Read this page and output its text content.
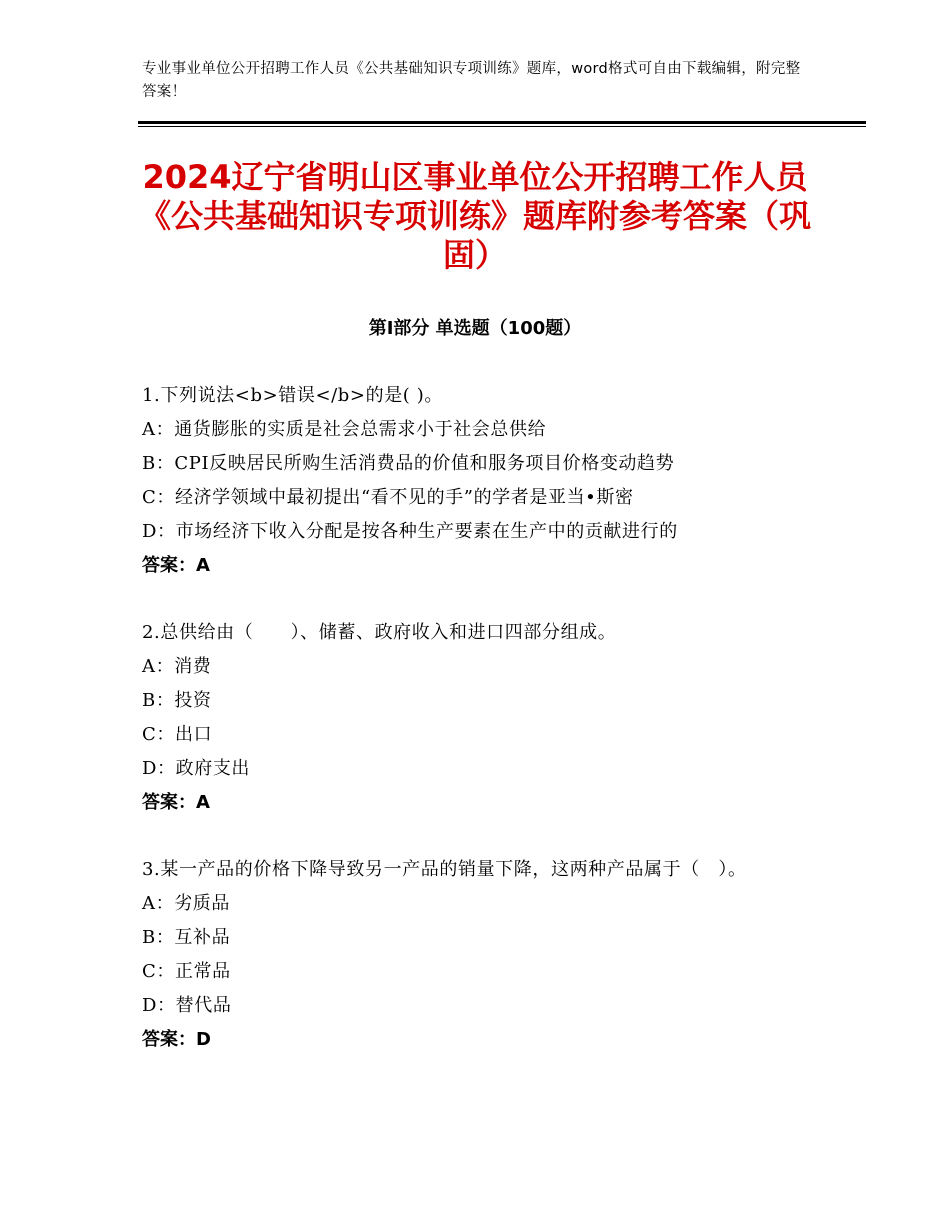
专业事业单位公开招聘工作人员《公共基础知识专项训练》题库，word格式可自由下载编辑，附完整答案！
2024辽宁省明山区事业单位公开招聘工作人员《公共基础知识专项训练》题库附参考答案（巩固）
第Ⅰ部分 单选题（100题）
1.下列说法<b>错误</b>的是( )。
A：通货膨胀的实质是社会总需求小于社会总供给
B：CPI反映居民所购生活消费品的价值和服务项目价格变动趋势
C：经济学领域中最初提出“看不见的手”的学者是亚当•斯密
D：市场经济下收入分配是按各种生产要素在生产中的贡献进行的
答案：A
2.总供给由（　　）、储蓄、政府收入和进口四部分组成。
A：消费
B：投资
C：出口
D：政府支出
答案：A
3.某一产品的价格下降导致另一产品的销量下降，这两种产品属于（　）。
A：劣质品
B：互补品
C：正常品
D：替代品
答案：D
